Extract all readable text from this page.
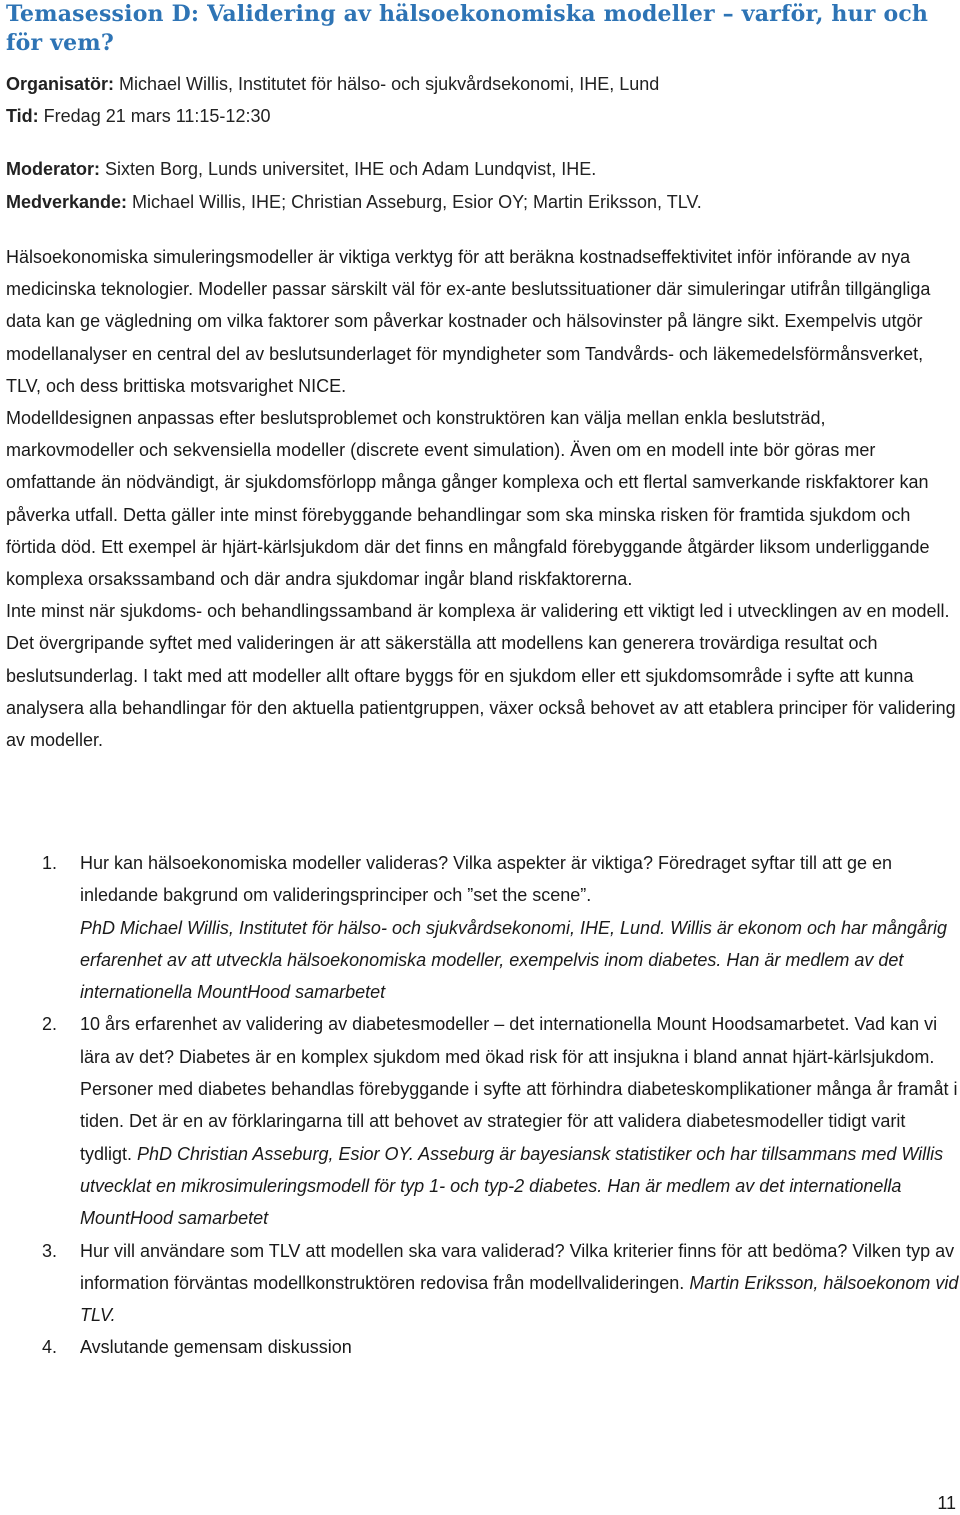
Temasession D: Validering av hälsoekonomiska modeller – varför, hur och för vem?
Organisatör: Michael Willis, Institutet för hälso- och sjukvårdsekonomi, IHE, Lund
Tid: Fredag 21 mars 11:15-12:30
Moderator: Sixten Borg, Lunds universitet, IHE och Adam Lundqvist, IHE.
Medverkande: Michael Willis, IHE; Christian Asseburg, Esior OY; Martin Eriksson, TLV.

Hälsoekonomiska simuleringsmodeller är viktiga verktyg för att beräkna kostnadseffektivitet inför införande av nya medicinska teknologier. Modeller passar särskilt väl för ex-ante beslutssituationer där simuleringar utifrån tillgängliga data kan ge vägledning om vilka faktorer som påverkar kostnader och hälsovinster på längre sikt. Exempelvis utgör modellanalyser en central del av beslutsunderlaget för myndigheter som Tandvårds- och läkemedelsförmånsverket, TLV, och dess brittiska motsvarighet NICE.

Modelldesignen anpassas efter beslutsproblemet och konstruktören kan välja mellan enkla beslutsträd, markovmodeller och sekvensiella modeller (discrete event simulation). Även om en modell inte bör göras mer omfattande än nödvändigt, är sjukdomsförlopp många gånger komplexa och ett flertal samverkande riskfaktorer kan påverka utfall. Detta gäller inte minst förebyggande behandlingar som ska minska risken för framtida sjukdom och förtida död. Ett exempel är hjärt-kärlsjukdom där det finns en mångfald förebyggande åtgärder liksom underliggande komplexa orsakssamband och där andra sjukdomar ingår bland riskfaktorerna.

Inte minst när sjukdoms- och behandlingssamband är komplexa är validering ett viktigt led i utvecklingen av en modell. Det övergripande syftet med valideringen är att säkerställa att modellens kan generera trovärdiga resultat och beslutsunderlag. I takt med att modeller allt oftare byggs för en sjukdom eller ett sjukdomsområde i syfte att kunna analysera alla behandlingar för den aktuella patientgruppen, växer också behovet av att etablera principer för validering av modeller.

1. Hur kan hälsoekonomiska modeller valideras? Vilka aspekter är viktiga? Föredraget syftar till att ge en inledande bakgrund om valideringsprinciper och ”set the scene”.
PhD Michael Willis, Institutet för hälso- och sjukvårdsekonomi, IHE, Lund. Willis är ekonom och har mångårig erfarenhet av att utveckla hälsoekonomiska modeller, exempelvis inom diabetes. Han är medlem av det internationella MountHood samarbetet
2. 10 års erfarenhet av validering av diabetesmodeller – det internationella Mount Hoodsamarbetet. Vad kan vi lära av det? Diabetes är en komplex sjukdom med ökad risk för att insjukna i bland annat hjärt-kärlsjukdom. Personer med diabetes behandlas förebyggande i syfte att förhindra diabeteskomplikationer många år framåt i tiden. Det är en av förklaringarna till att behovet av strategier för att validera diabetesmodeller tidigt varit tydligt. PhD Christian Asseburg, Esior OY. Asseburg är bayesiansk statistiker och har tillsammans med Willis utvecklat en mikrosimuleringsmodell för typ 1- och typ-2 diabetes. Han är medlem av det internationella MountHood samarbetet
3. Hur vill användare som TLV att modellen ska vara validerad? Vilka kriterier finns för att bedöma? Vilken typ av information förväntas modellkonstruktören redovisa från modellvalideringen. Martin Eriksson, hälsoekonom vid TLV.
4. Avslutande gemensam diskussion
11
